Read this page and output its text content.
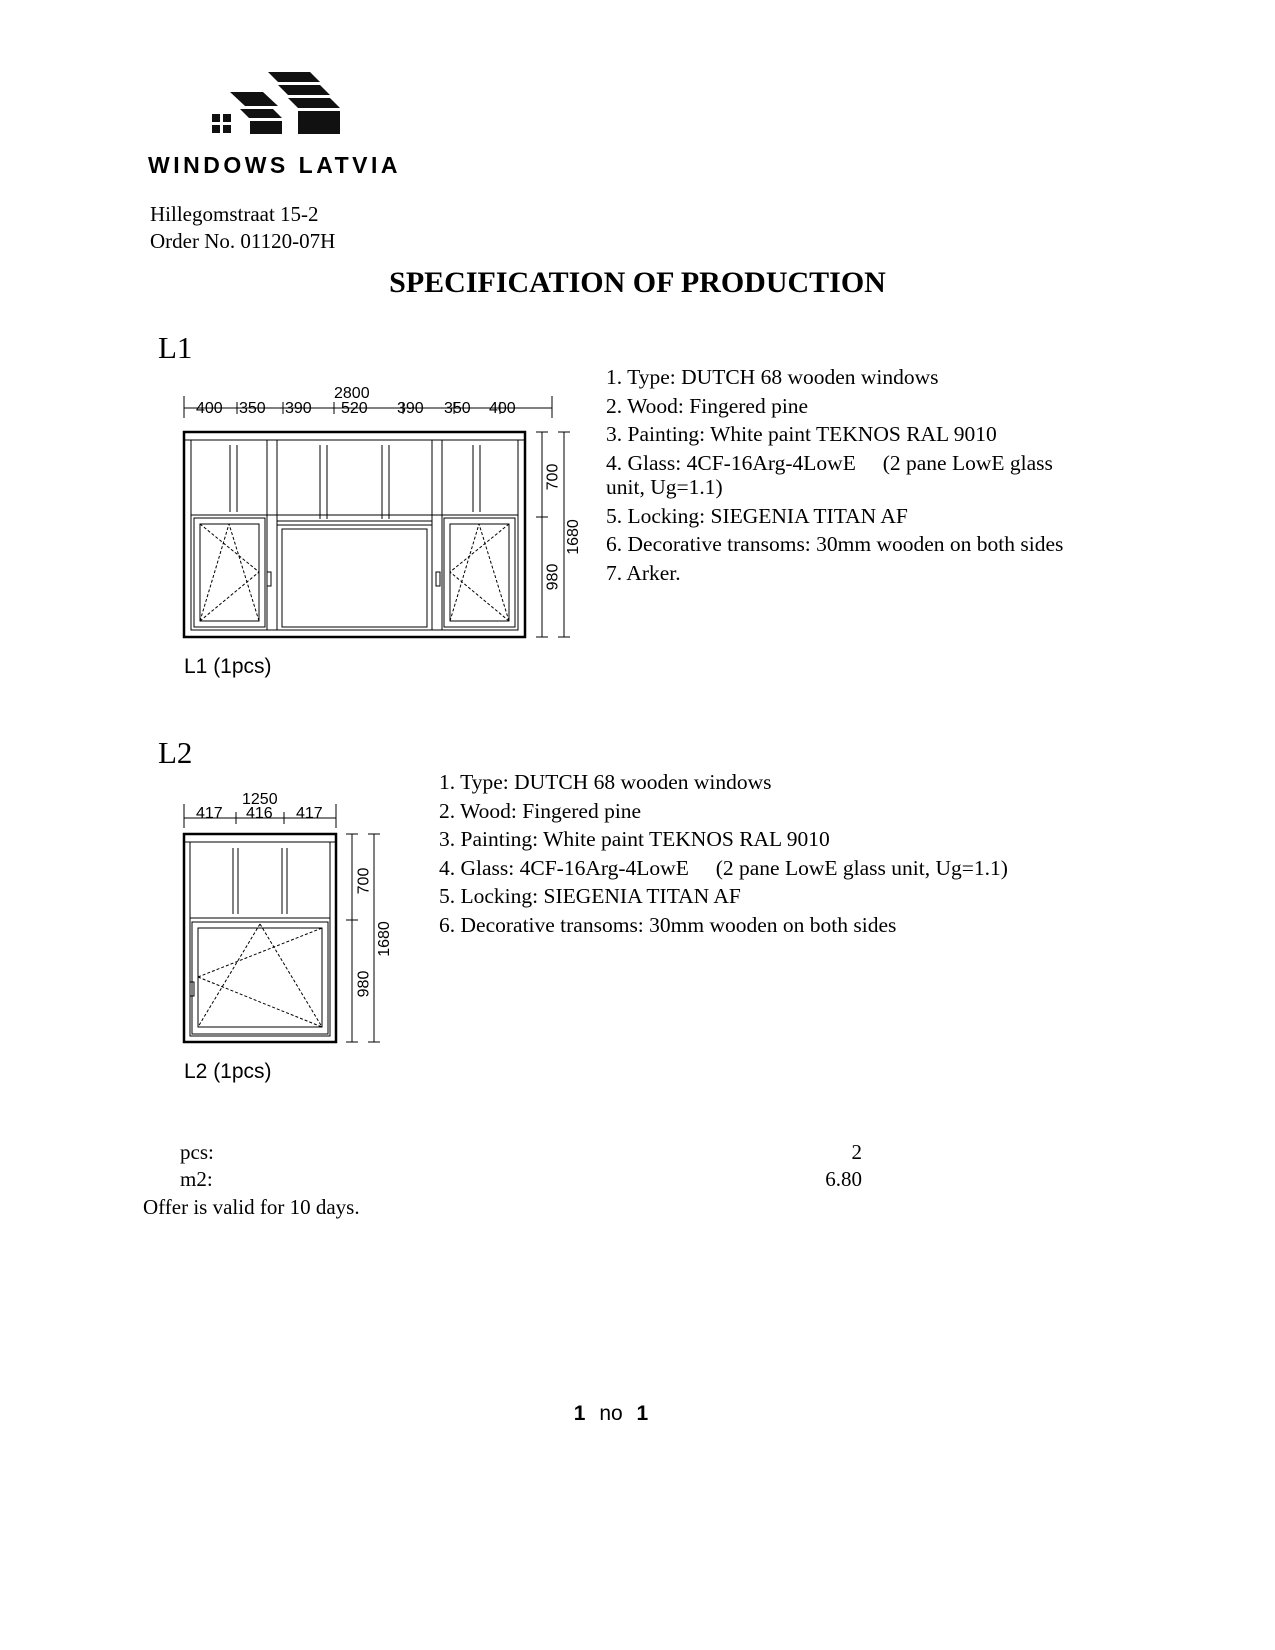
WINDOWS LATVIA
Hillegomstraat 15-2
Order No. 01120-07H
SPECIFICATION OF PRODUCTION
L1
2800
400 350 390 520 390 350 400
700
980
1680
L1 (1pcs)
1. Type: DUTCH 68 wooden windows
2. Wood: Fingered pine
3. Painting: White paint TEKNOS RAL 9010
4. Glass: 4CF-16Arg-4LowE     (2 pane LowE glass
unit, Ug=1.1)
5. Locking: SIEGENIA TITAN AF
6. Decorative transoms: 30mm wooden on both sides
7. Arker.
L2
1250
417 416 417
700
980
1680
L2 (1pcs)
1. Type: DUTCH 68 wooden windows
2. Wood: Fingered pine
3. Painting: White paint TEKNOS RAL 9010
4. Glass: 4CF-16Arg-4LowE     (2 pane LowE glass unit, Ug=1.1)
5. Locking: SIEGENIA TITAN AF
6. Decorative transoms: 30mm wooden on both sides
pcs:	2
m2:	6.80
Offer is valid for 10 days.
1 no 1
